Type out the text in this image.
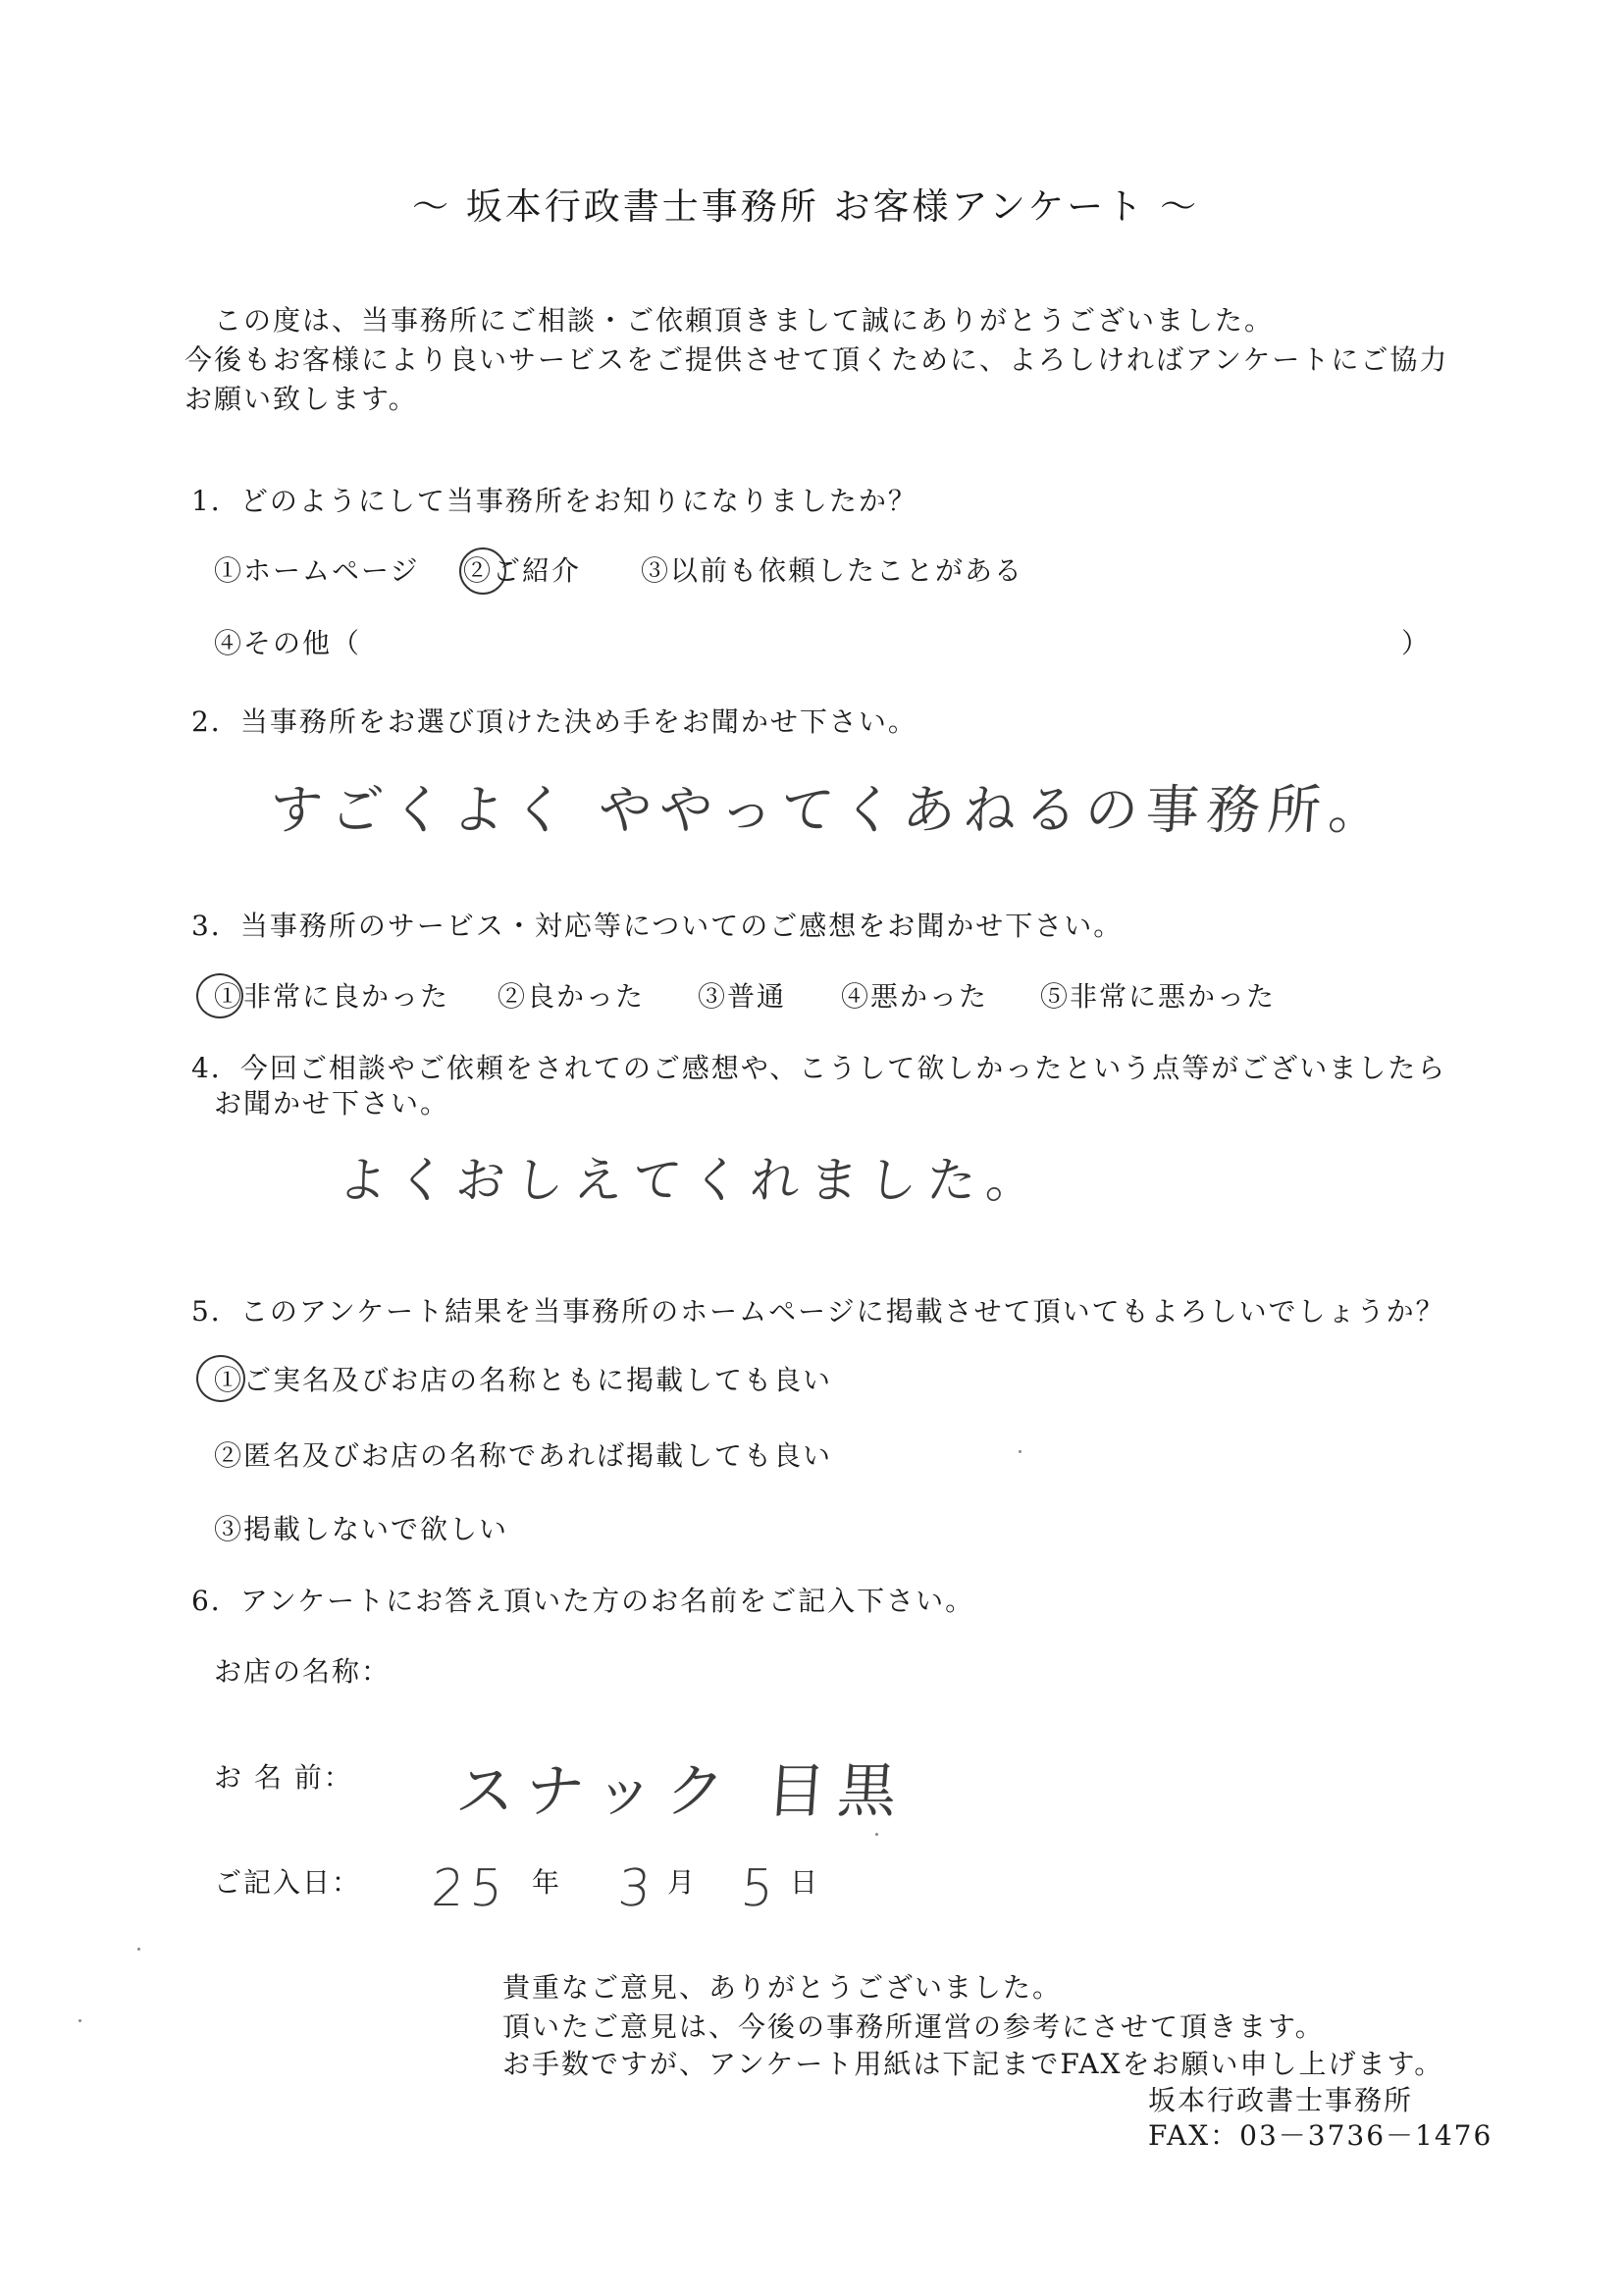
～ 坂本行政書士事務所 お客様アンケート ～
この度は、当事務所にご相談・ご依頼頂きまして誠にありがとうございました。
今後もお客様により良いサービスをご提供させて頂くために、よろしければアンケートにご協力
お願い致します。
1．どのようにして当事務所をお知りになりましたか？
①ホームページ ②ご紹介 ③以前も依頼したことがある
④その他（	）
2．当事務所をお選び頂けた決め手をお聞かせ下さい。
すごくよく ややってくあねるの事務所。
3．当事務所のサービス・対応等についてのご感想をお聞かせ下さい。
①非常に良かった ②良かった ③普通 ④悪かった ⑤非常に悪かった
4．今回ご相談やご依頼をされてのご感想や、こうして欲しかったという点等がございましたら
お聞かせ下さい。
よくおしえてくれました。
5．このアンケート結果を当事務所のホームページに掲載させて頂いてもよろしいでしょうか？
①ご実名及びお店の名称ともに掲載しても良い
②匿名及びお店の名称であれば掲載しても良い
③掲載しないで欲しい
6．アンケートにお答え頂いた方のお名前をご記入下さい。
お店の名称：
お 名 前： スナック 目黒
ご記入日： 25 年 3 月 5 日
貴重なご意見、ありがとうございました。
頂いたご意見は、今後の事務所運営の参考にさせて頂きます。
お手数ですが、アンケート用紙は下記までFAXをお願い申し上げます。
坂本行政書士事務所
FAX：03－3736－1476
